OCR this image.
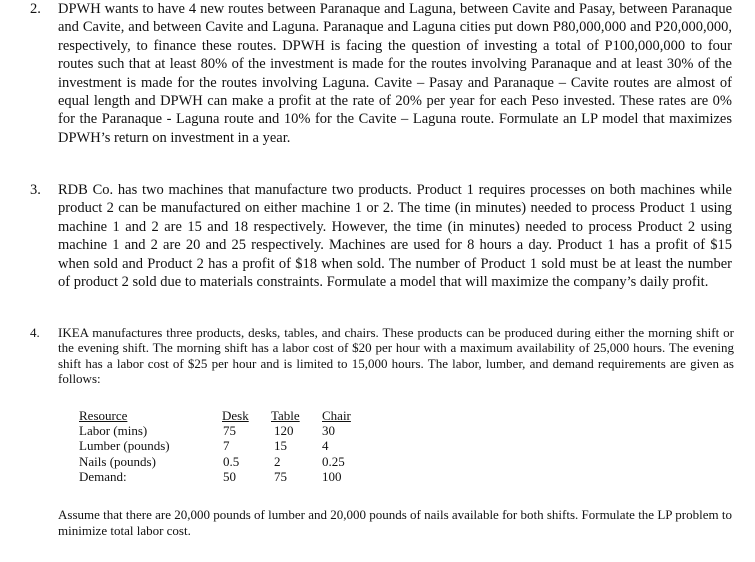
2. DPWH wants to have 4 new routes between Paranaque and Laguna, between Cavite and Pasay, between Paranaque and Cavite, and between Cavite and Laguna. Paranaque and Laguna cities put down P80,000,000 and P20,000,000, respectively, to finance these routes. DPWH is facing the question of investing a total of P100,000,000 to four routes such that at least 80% of the investment is made for the routes involving Paranaque and at least 30% of the investment is made for the routes involving Laguna. Cavite – Pasay and Paranaque – Cavite routes are almost of equal length and DPWH can make a profit at the rate of 20% per year for each Peso invested. These rates are 0% for the Paranaque - Laguna route and 10% for the Cavite – Laguna route. Formulate an LP model that maximizes DPWH’s return on investment in a year.

3. RDB Co. has two machines that manufacture two products. Product 1 requires processes on both machines while product 2 can be manufactured on either machine 1 or 2. The time (in minutes) needed to process Product 1 using machine 1 and 2 are 15 and 18 respectively. However, the time (in minutes) needed to process Product 2 using machine 1 and 2 are 20 and 25 respectively. Machines are used for 8 hours a day. Product 1 has a profit of $15 when sold and Product 2 has a profit of $18 when sold. The number of Product 1 sold must be at least the number of product 2 sold due to materials constraints. Formulate a model that will maximize the company’s daily profit.

4. IKEA manufactures three products, desks, tables, and chairs. These products can be produced during either the morning shift or the evening shift. The morning shift has a labor cost of $20 per hour with a maximum availability of 25,000 hours. The evening shift has a labor cost of $25 per hour and is limited to 15,000 hours. The labor, lumber, and demand requirements are given as follows:

Resource	Desk	Table	Chair
Labor (mins)	75	120	30
Lumber (pounds)	7	15	4
Nails (pounds)	0.5	2	0.25
Demand:	50	75	100

Assume that there are 20,000 pounds of lumber and 20,000 pounds of nails available for both shifts. Formulate the LP problem to minimize total labor cost.
